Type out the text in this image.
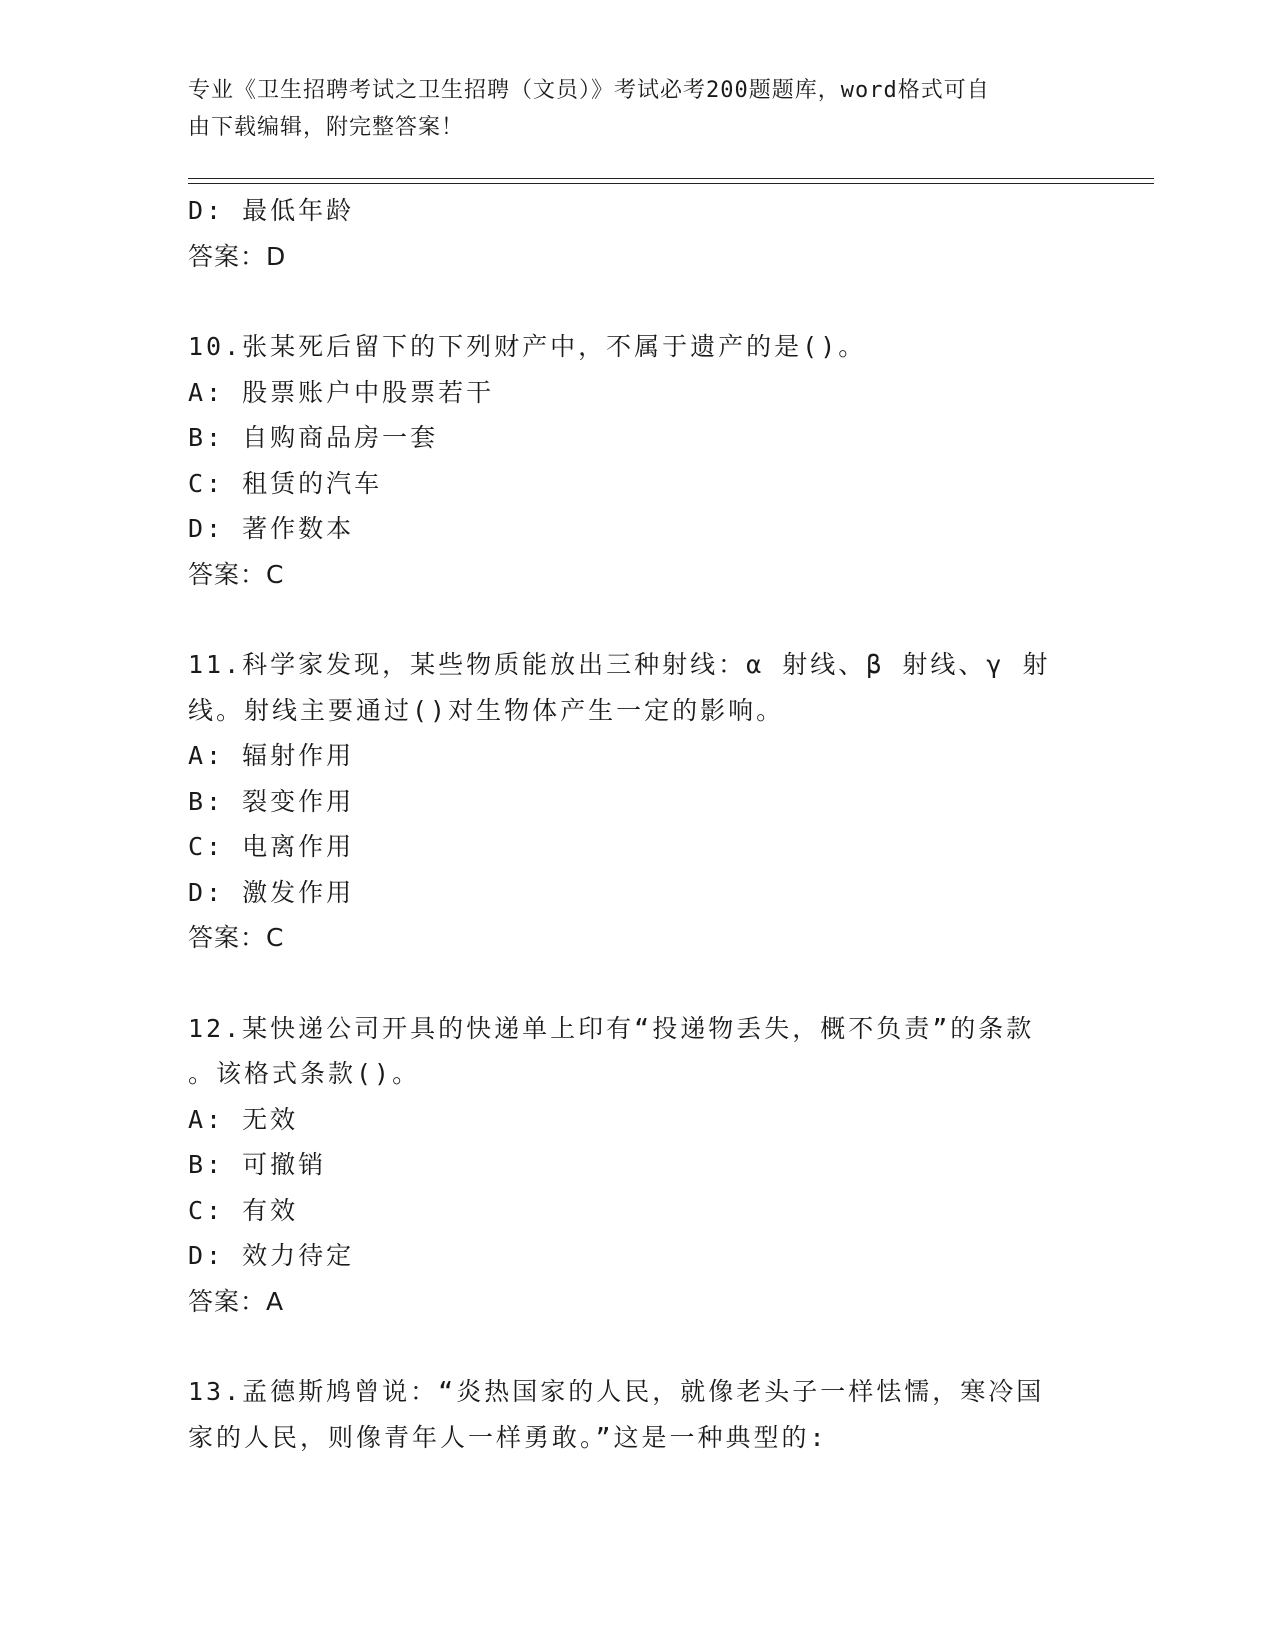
专业《卫生招聘考试之卫生招聘（文员）》考试必考200题题库，word格式可自
由下载编辑，附完整答案！
D: 最低年龄
答案：D
10.张某死后留下的下列财产中，不属于遗产的是()。
A: 股票账户中股票若干
B: 自购商品房一套
C: 租赁的汽车
D: 著作数本
答案：C
11.科学家发现，某些物质能放出三种射线：α 射线、β 射线、γ 射
线。射线主要通过()对生物体产生一定的影响。
A: 辐射作用
B: 裂变作用
C: 电离作用
D: 激发作用
答案：C
12.某快递公司开具的快递单上印有“投递物丢失，概不负责”的条款
。该格式条款()。
A: 无效
B: 可撤销
C: 有效
D: 效力待定
答案：A
13.孟德斯鸠曾说：“炎热国家的人民，就像老头子一样怯懦，寒冷国
家的人民，则像青年人一样勇敢。”这是一种典型的:
